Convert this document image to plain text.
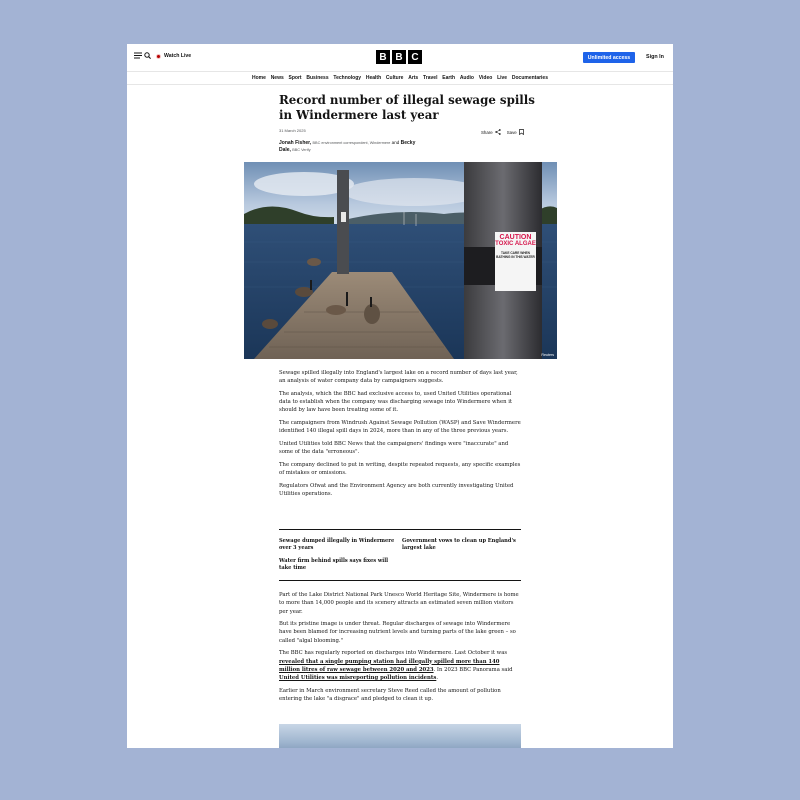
Watch Live	B B C	Unlimited access	Sign In
Home News Sport Business Technology Health Culture Arts Travel Earth Audio Video Live Documentaries
Record number of illegal sewage spills in Windermere last year
31 March 2025	Share	Save
Jonah Fisher, BBC environment correspondent, Windermere and Becky
Dale, BBC Verify
CAUTION
TOXIC ALGAE
TAKE CARE WHEN BATHING IN THIS WATER
Reuters

Sewage spilled illegally into England's largest lake on a record number of days last year, an analysis of water company data by campaigners suggests.

The analysis, which the BBC had exclusive access to, used United Utilities operational data to establish when the company was discharging sewage into Windermere when it should by law have been treating some of it.

The campaigners from Windrush Against Sewage Pollution (WASP) and Save Windermere identified 140 illegal spill days in 2024, more than in any of the three previous years.

United Utilities told BBC News that the campaigners' findings were "inaccurate" and some of the data "erroneous".

The company declined to put in writing, despite repeated requests, any specific examples of mistakes or omissions.

Regulators Ofwat and the Environment Agency are both currently investigating United Utilities operations.

Sewage dumped illegally in Windermere over 3 years
Government vows to clean up England's largest lake
Water firm behind spills says fixes will take time

Part of the Lake District National Park Unesco World Heritage Site, Windermere is home to more than 14,000 people and its scenery attracts an estimated seven million visitors per year.

But its pristine image is under threat. Regular discharges of sewage into Windermere have been blamed for increasing nutrient levels and turning parts of the lake green – so called "algal blooming."

The BBC has regularly reported on discharges into Windermere. Last October it was revealed that a single pumping station had illegally spilled more than 140 million litres of raw sewage between 2020 and 2023. In 2023 BBC Panorama said United Utilities was misreporting pollution incidents.

Earlier in March environment secretary Steve Reed called the amount of pollution entering the lake "a disgrace" and pledged to clean it up.
